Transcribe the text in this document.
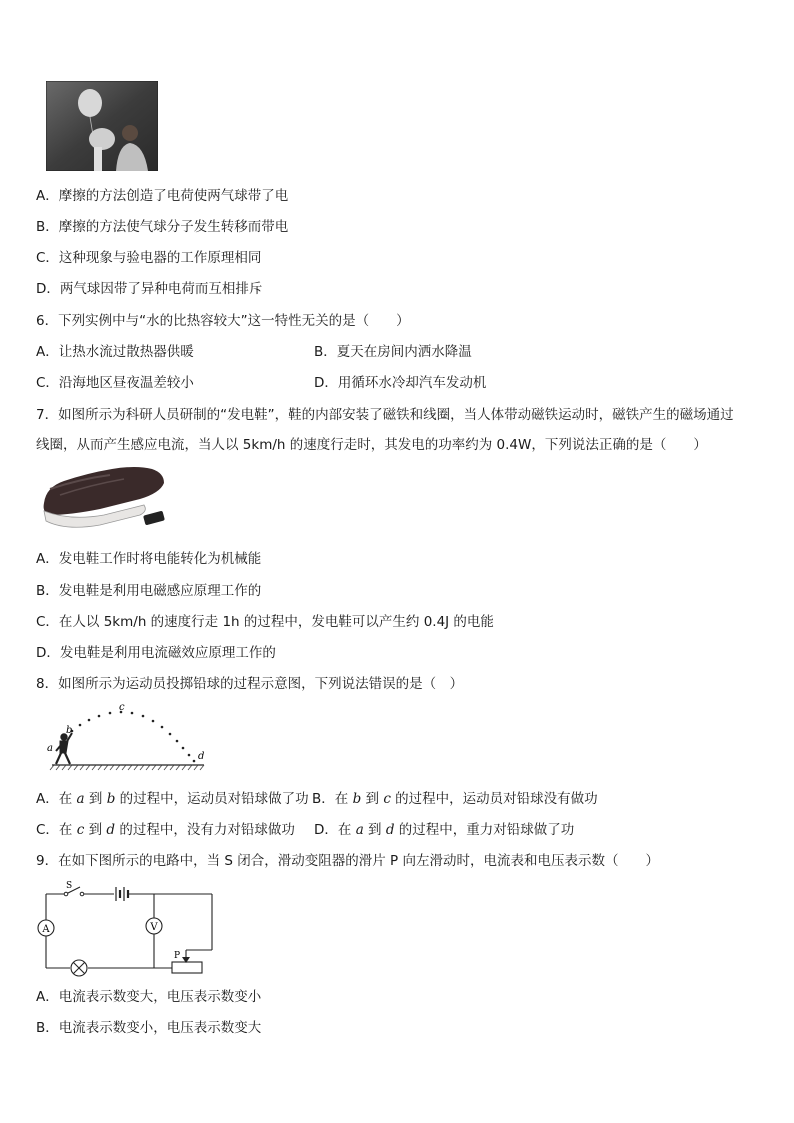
A．摩擦的方法创造了电荷使两气球带了电
B．摩擦的方法使气球分子发生转移而带电
C．这种现象与验电器的工作原理相同
D．两气球因带了异种电荷而互相排斥
6．下列实例中与“水的比热容较大”这一特性无关的是（　　）
A．让热水流过散热器供暖	B．夏天在房间内洒水降温
C．沿海地区昼夜温差较小	D．用循环水冷却汽车发动机
7．如图所示为科研人员研制的“发电鞋”，鞋的内部安装了磁铁和线圈，当人体带动磁铁运动时，磁铁产生的磁场通过
线圈，从而产生感应电流，当人以 5km/h 的速度行走时，其发电的功率约为 0.4W，下列说法正确的是（　　）
A．发电鞋工作时将电能转化为机械能
B．发电鞋是利用电磁感应原理工作的
C．在人以 5km/h 的速度行走 1h 的过程中，发电鞋可以产生约 0.4J 的电能
D．发电鞋是利用电流磁效应原理工作的
8．如图所示为运动员投掷铅球的过程示意图，下列说法错误的是（　）
a
b
c
d
A．在 a 到 b 的过程中，运动员对铅球做了功 B．在 b 到 c 的过程中，运动员对铅球没有做功
C．在 c 到 d 的过程中，没有力对铅球做功 D．在 a 到 d 的过程中，重力对铅球做了功
9．在如下图所示的电路中，当 S 闭合，滑动变阻器的滑片 P 向左滑动时，电流表和电压表示数（　　）
A	V
P
S
A．电流表示数变大，电压表示数变小
B．电流表示数变小，电压表示数变大
